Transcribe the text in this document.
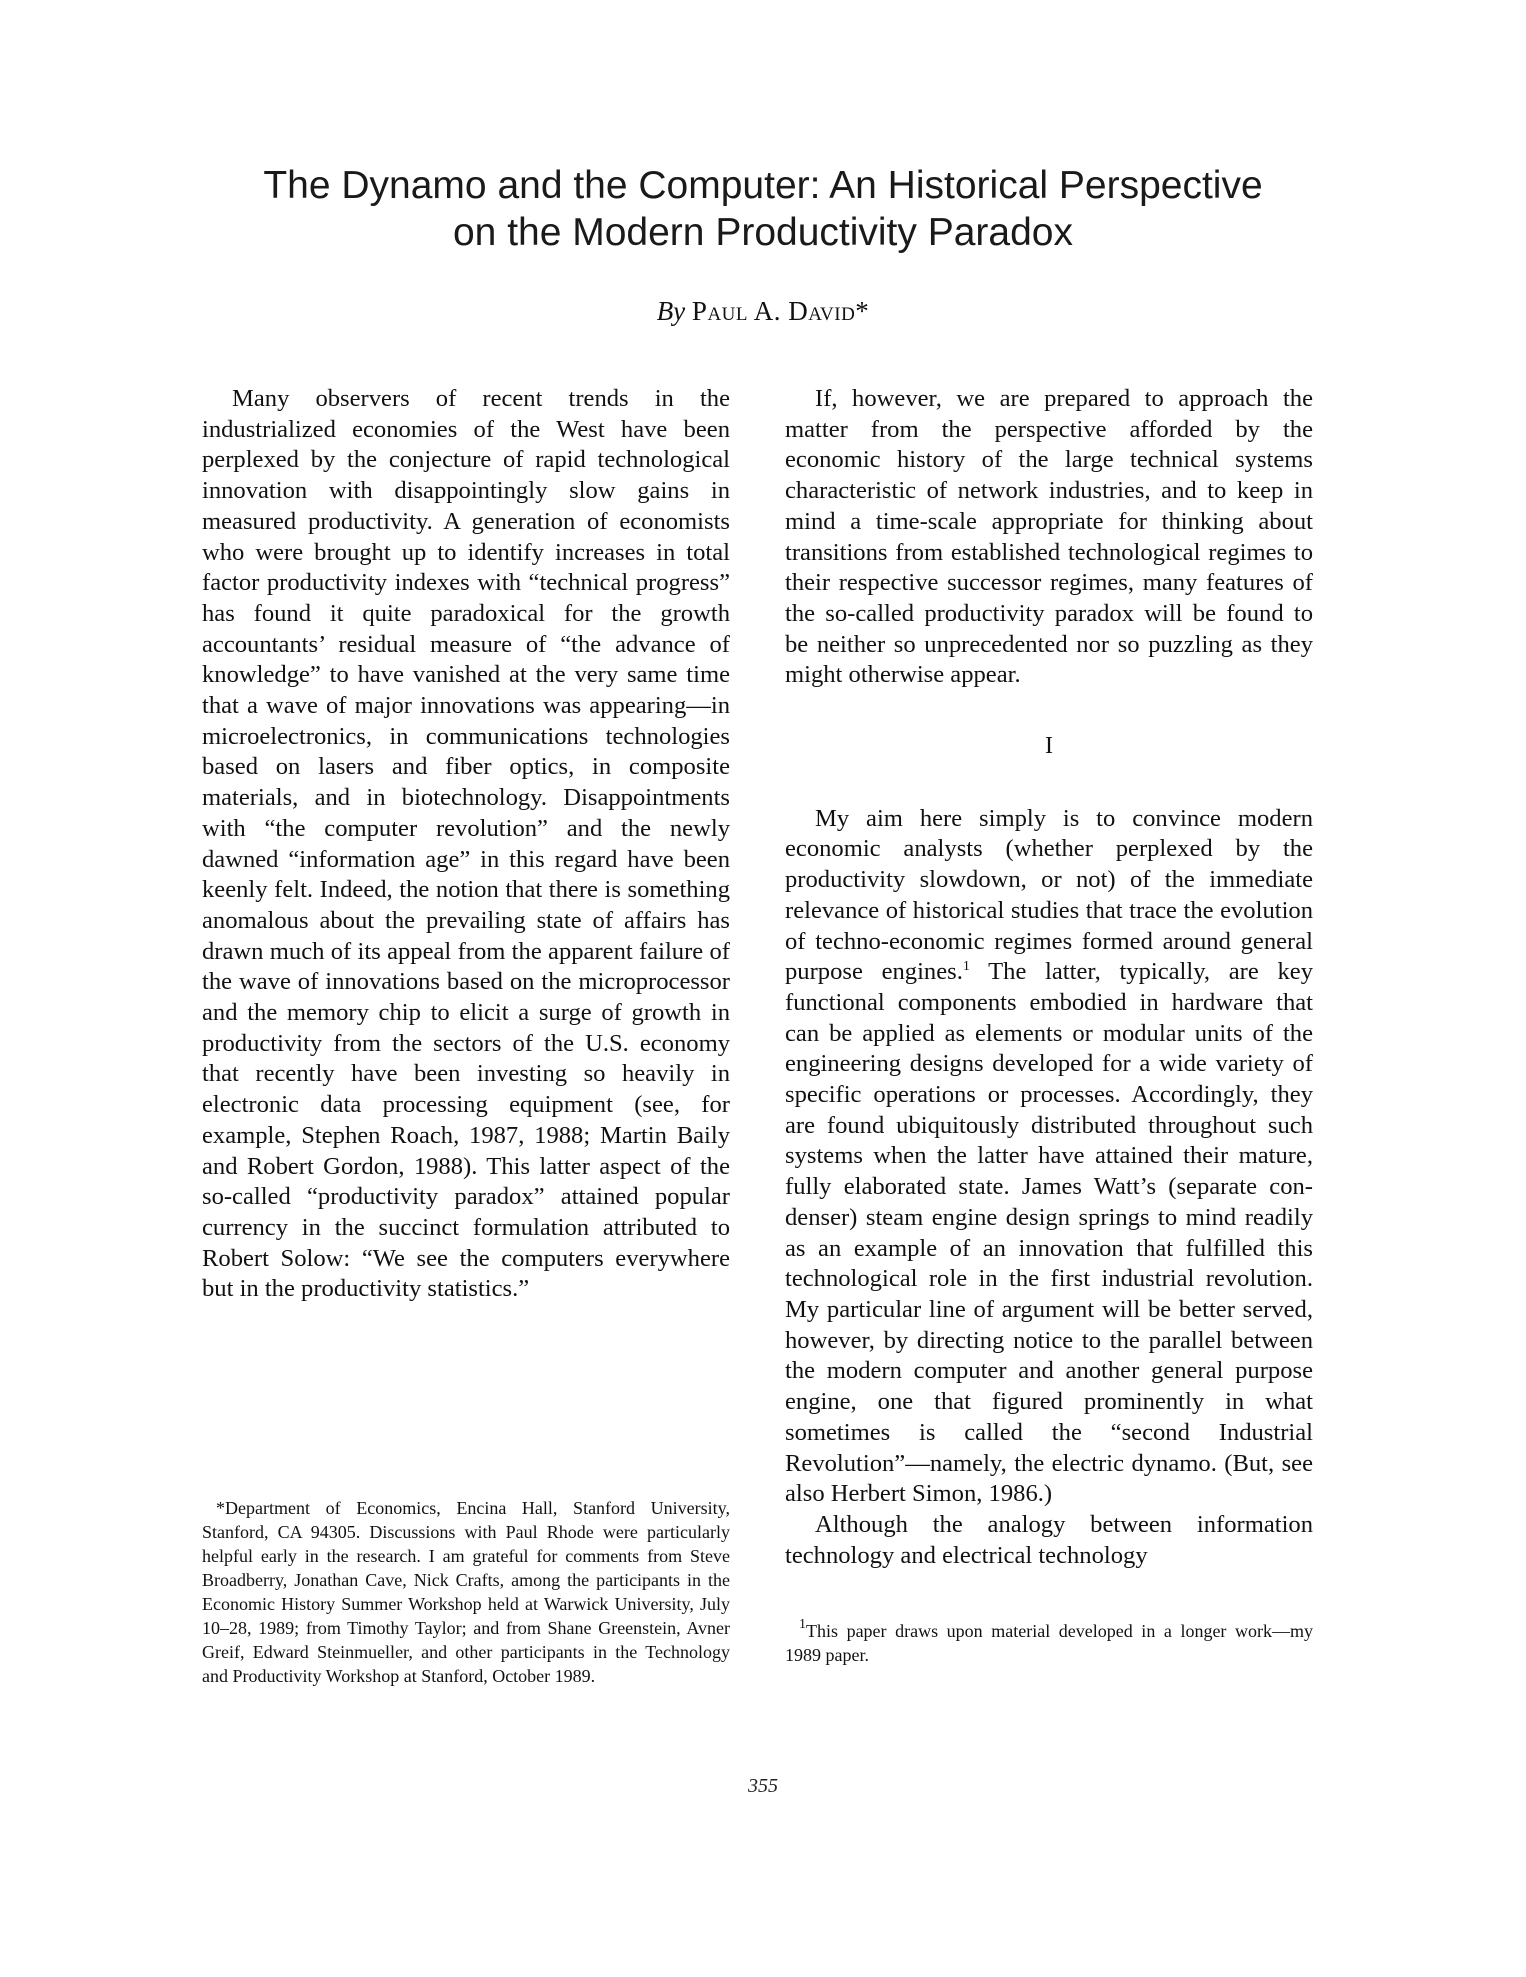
The Dynamo and the Computer: An Historical Perspective
on the Modern Productivity Paradox
By Paul A. David*

Many observers of recent trends in the industrialized economies of the West have been perplexed by the conjecture of rapid technological innovation with disappointingly slow gains in measured productivity. A generation of economists who were brought up to identify increases in total factor productivity indexes with “technical progress” has found it quite paradoxical for the growth accountants’ residual measure of “the advance of knowledge” to have vanished at the very same time that a wave of major innovations was appearing—in microelectronics, in communications technologies based on lasers and fiber optics, in composite materials, and in biotechnology. Disappointments with “the computer revolution” and the newly dawned “information age” in this regard have been keenly felt. Indeed, the notion that there is something anomalous about the prevailing state of affairs has drawn much of its appeal from the apparent failure of the wave of innovations based on the microprocessor and the memory chip to elicit a surge of growth in productivity from the sectors of the U.S. economy that recently have been investing so heavily in electronic data processing equipment (see, for example, Stephen Roach, 1987, 1988; Martin Baily and Robert Gordon, 1988). This latter aspect of the so-called “productivity paradox” attained popular currency in the succinct formulation attributed to Robert Solow: “We see the computers everywhere but in the productivity statistics.”

*Department of Economics, Encina Hall, Stanford University, Stanford, CA 94305. Discussions with Paul Rhode were particularly helpful early in the research. I am grateful for comments from Steve Broadberry, Jonathan Cave, Nick Crafts, among the participants in the Economic History Summer Workshop held at Warwick University, July 10–28, 1989; from Timothy Taylor; and from Shane Greenstein, Avner Greif, Edward Steinmueller, and other participants in the Technology and Productivity Workshop at Stanford, October 1989.

If, however, we are prepared to approach the matter from the perspective afforded by the economic history of the large technical systems characteristic of network industries, and to keep in mind a time-scale appropriate for thinking about transitions from established technological regimes to their respective successor regimes, many features of the so-called productivity paradox will be found to be neither so unprecedented nor so puzzling as they might otherwise appear.

I

My aim here simply is to convince modern economic analysts (whether perplexed by the productivity slowdown, or not) of the immediate relevance of historical studies that trace the evolution of techno-economic regimes formed around general purpose engines.$^1$ The latter, typically, are key functional components embodied in hardware that can be applied as elements or modular units of the engineering designs developed for a wide variety of specific operations or processes. Accordingly, they are found ubiquitously distributed throughout such systems when the latter have attained their mature, fully elaborated state. James Watt’s (separate condenser) steam engine design springs to mind readily as an example of an innovation that fulfilled this technological role in the first industrial revolution. My particular line of argument will be better served, however, by directing notice to the parallel between the modern computer and another general purpose engine, one that figured prominently in what sometimes is called the “second Industrial Revolution”—namely, the electric dynamo. (But, see also Herbert Simon, 1986.)

Although the analogy between information technology and electrical technology

$^1$This paper draws upon material developed in a longer work—my 1989 paper.

355
